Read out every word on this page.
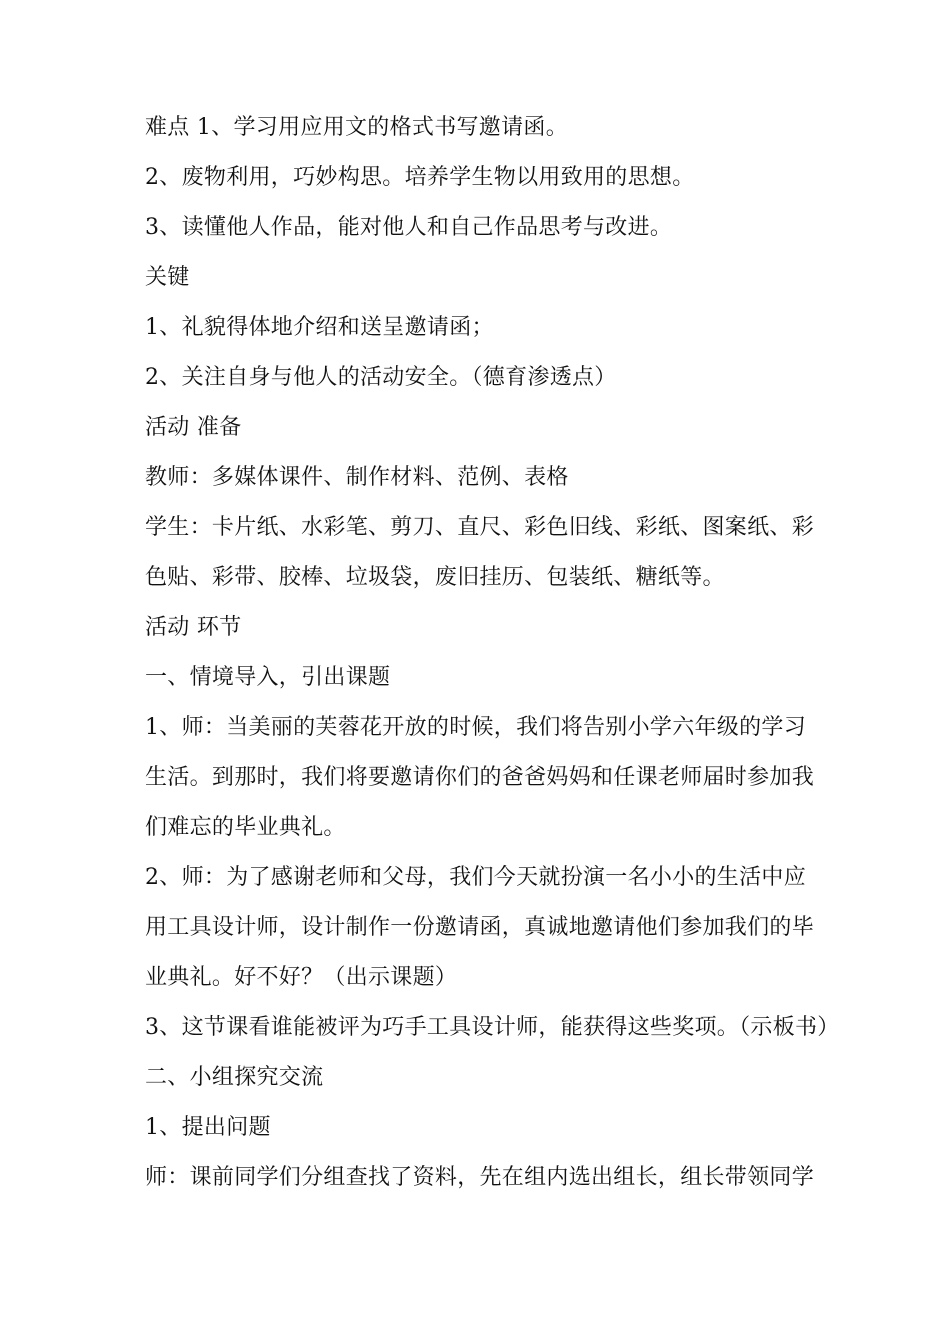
难点 1、学习用应用文的格式书写邀请函。
2、废物利用，巧妙构思。培养学生物以用致用的思想。
3、读懂他人作品，能对他人和自己作品思考与改进。
关键
1、礼貌得体地介绍和送呈邀请函；
2、关注自身与他人的活动安全。（德育渗透点）
活动 准备
教师：多媒体课件、制作材料、范例、表格
学生：卡片纸、水彩笔、剪刀、直尺、彩色旧线、彩纸、图案纸、彩
色贴、彩带、胶棒、垃圾袋，废旧挂历、包装纸、糖纸等。
活动 环节
一、情境导入，引出课题
1、师：当美丽的芙蓉花开放的时候，我们将告别小学六年级的学习
生活。到那时，我们将要邀请你们的爸爸妈妈和任课老师届时参加我
们难忘的毕业典礼。
2、师：为了感谢老师和父母，我们今天就扮演一名小小的生活中应
用工具设计师，设计制作一份邀请函，真诚地邀请他们参加我们的毕
业典礼。好不好？（出示课题）
3、这节课看谁能被评为巧手工具设计师，能获得这些奖项。（示板书）
二、小组探究交流
1、提出问题
师：课前同学们分组查找了资料，先在组内选出组长，组长带领同学
